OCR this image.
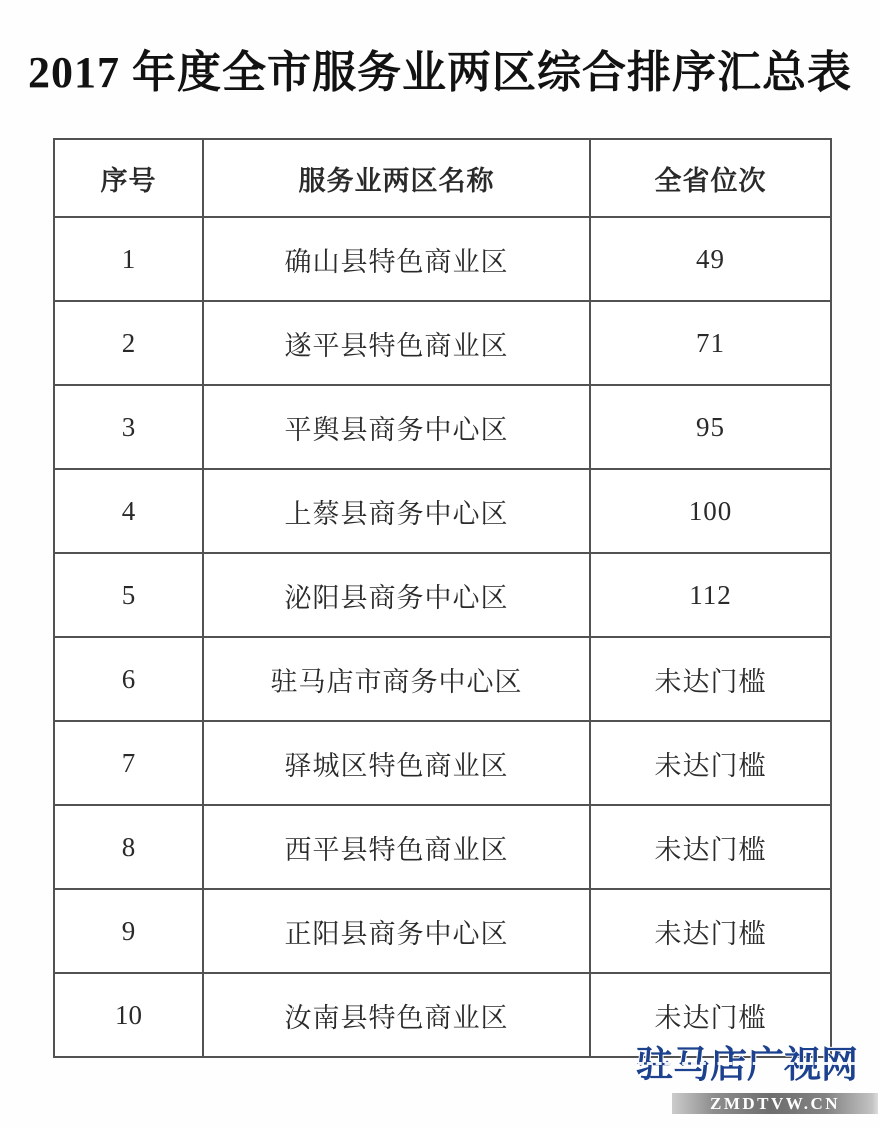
2017 年度全市服务业两区综合排序汇总表
序号	服务业两区名称	全省位次
1	确山县特色商业区	49
2	遂平县特色商业区	71
3	平舆县商务中心区	95
4	上蔡县商务中心区	100
5	泌阳县商务中心区	112
6	驻马店市商务中心区	未达门槛
7	驿城区特色商业区	未达门槛
8	西平县特色商业区	未达门槛
9	正阳县商务中心区	未达门槛
10	汝南县特色商业区	未达门槛
驻马店广视网
ZMDTVW.CN
